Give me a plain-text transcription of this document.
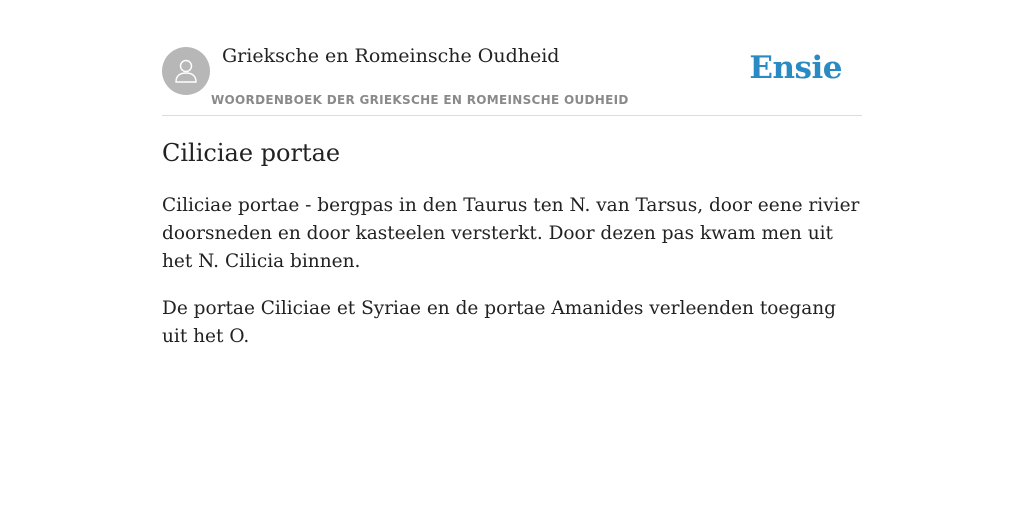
Grieksche en Romeinsche Oudheid
WOORDENBOEK DER GRIEKSCHE EN ROMEINSCHE OUDHEID
Ensie
Ciliciae portae

Ciliciae portae - bergpas in den Taurus ten N. van Tarsus, door eene rivier doorsneden en door kasteelen versterkt. Door dezen pas kwam men uit het N. Cilicia binnen.

De portae Ciliciae et Syriae en de portae Amanides verleenden toegang uit het O.
